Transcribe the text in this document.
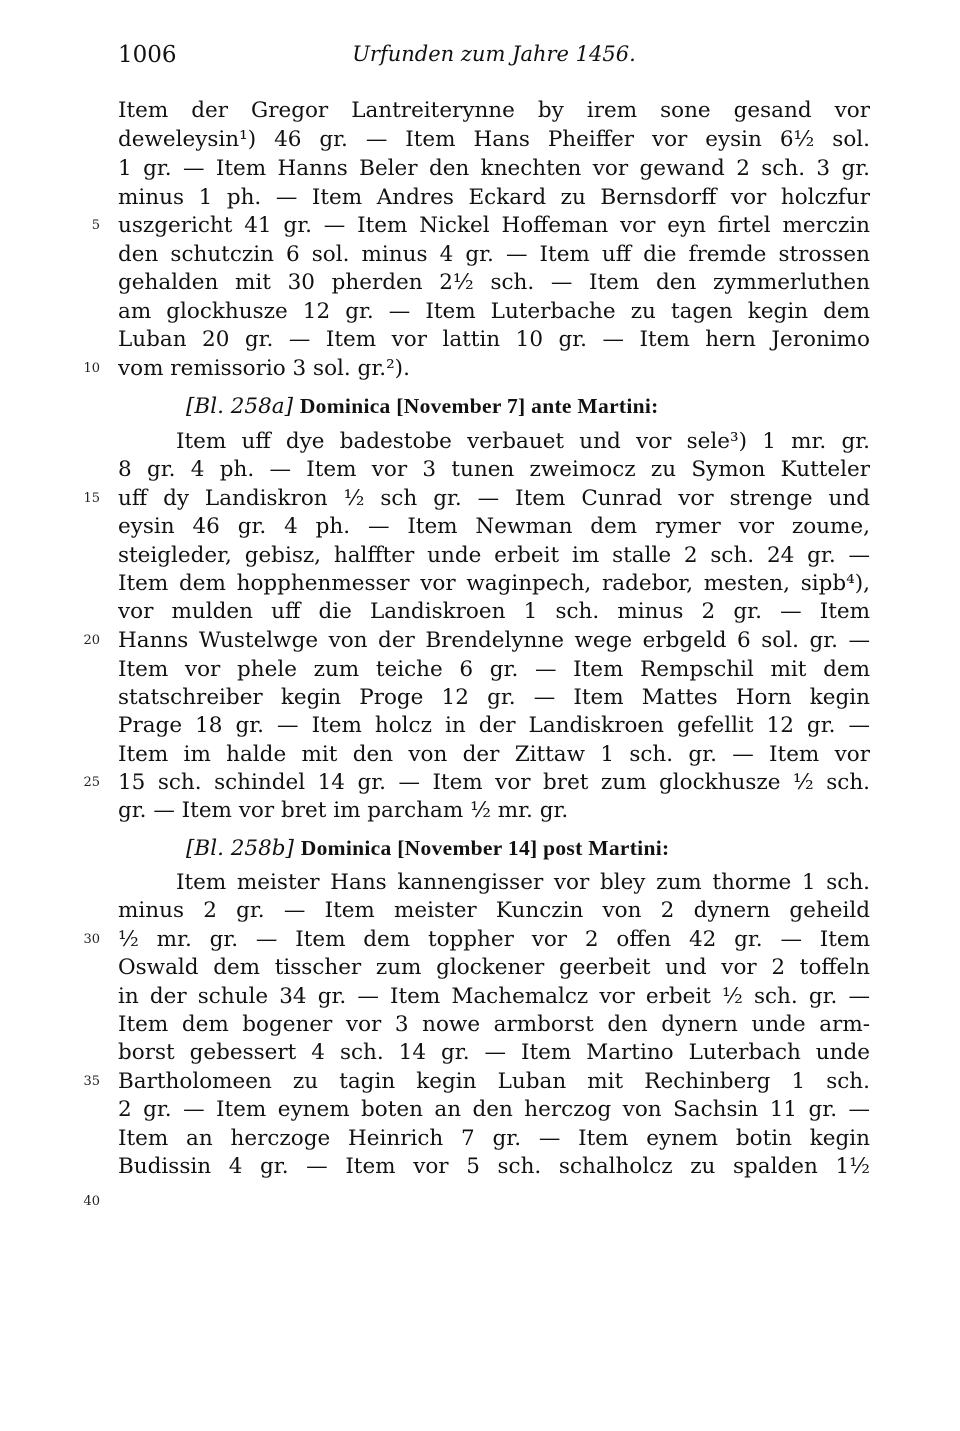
1006	Urfunden zum Jahre 1456.
5
10
15
20
25
30
35
40
Item der Gregor Lantreiterynne by irem sone gesand vor
deweleysin¹) 46 gr. — Item Hans Pheiffer vor eysin 6½ sol.
1 gr. — Item Hanns Beler den knechten vor gewand 2 sch. 3 gr.
minus 1 ph. — Item Andres Eckard zu Bernsdorff vor holczfur
uszgericht 41 gr. — Item Nickel Hoffeman vor eyn firtel merczin
den schutczin 6 sol. minus 4 gr. — Item uff die fremde strossen
gehalden mit 30 pherden 2½ sch. — Item den zymmerluthen
am glockhusze 12 gr. — Item Luterbache zu tagen kegin dem
Luban 20 gr. — Item vor lattin 10 gr. — Item hern Jeronimo
vom remissorio 3 sol. gr.²).
[Bl. 258a] Dominica [November 7] ante Martini:
Item uff dye badestobe verbauet und vor sele³) 1 mr. gr.
8 gr. 4 ph. — Item vor 3 tunen zweimocz zu Symon Kutteler
uff dy Landiskron ½ sch gr. — Item Cunrad vor strenge und
eysin 46 gr. 4 ph. — Item Newman dem rymer vor zoume,
steigleder, gebisz, halffter unde erbeit im stalle 2 sch. 24 gr. —
Item dem hopphenmesser vor waginpech, radebor, mesten, sipb⁴),
vor mulden uff die Landiskroen 1 sch. minus 2 gr. — Item
Hanns Wustelwge von der Brendelynne wege erbgeld 6 sol. gr. —
Item vor phele zum teiche 6 gr. — Item Rempschil mit dem
statschreiber kegin Proge 12 gr. — Item Mattes Horn kegin
Prage 18 gr. — Item holcz in der Landiskroen gefellit 12 gr. —
Item im halde mit den von der Zittaw 1 sch. gr. — Item vor
15 sch. schindel 14 gr. — Item vor bret zum glockhusze ½ sch.
gr. — Item vor bret im parcham ½ mr. gr.
[Bl. 258b] Dominica [November 14] post Martini:
Item meister Hans kannengisser vor bley zum thorme 1 sch.
minus 2 gr. — Item meister Kunczin von 2 dynern geheild
½ mr. gr. — Item dem toppher vor 2 offen 42 gr. — Item
Oswald dem tisscher zum glockener geerbeit und vor 2 toffeln
in der schule 34 gr. — Item Machemalcz vor erbeit ½ sch. gr. —
Item dem bogener vor 3 nowe armborst den dynern unde arm-
borst gebessert 4 sch. 14 gr. — Item Martino Luterbach unde
Bartholomeen zu tagin kegin Luban mit Rechinberg 1 sch.
2 gr. — Item eynem boten an den herczog von Sachsin 11 gr. —
Item an herczoge Heinrich 7 gr. — Item eynem botin kegin
Budissin 4 gr. — Item vor 5 sch. schalholcz zu spalden 1½
